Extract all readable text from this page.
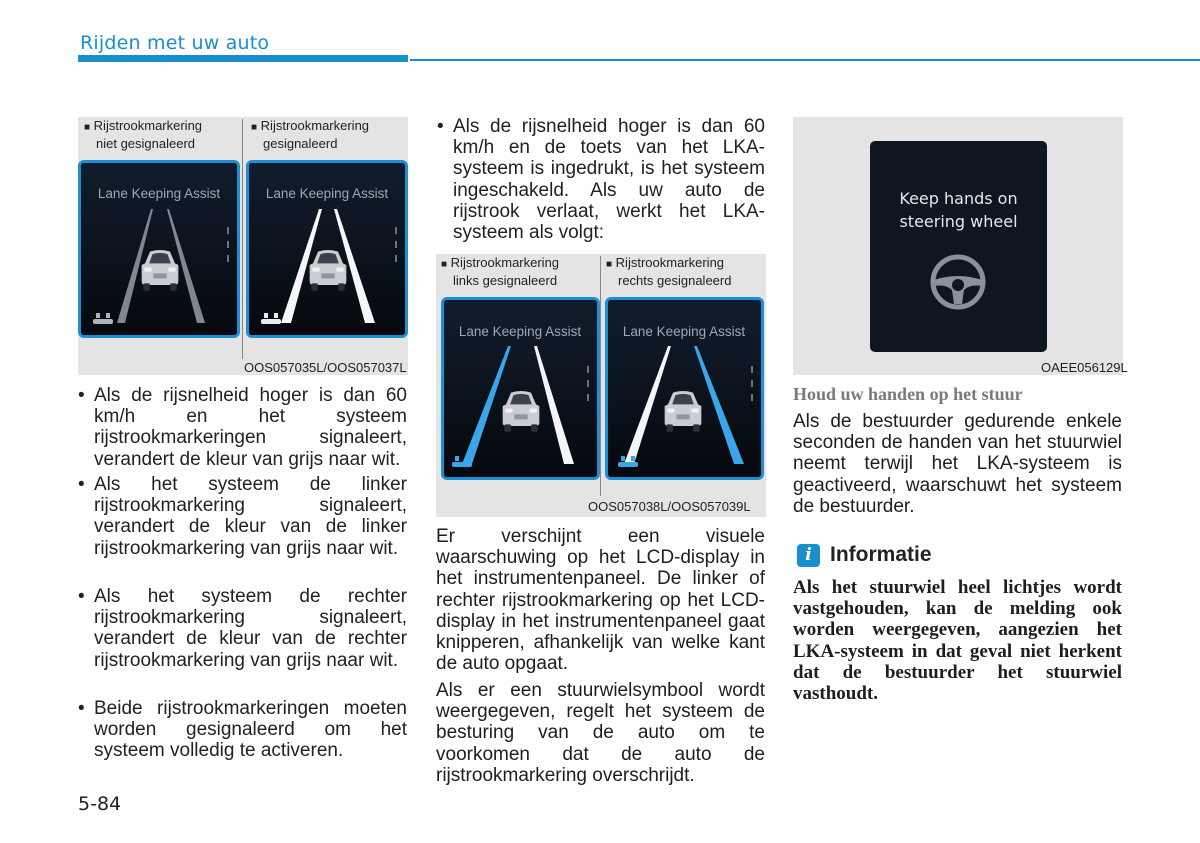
Rijden met uw auto
■ Rijstrookmarkering
niet gesignaleerd
■ Rijstrookmarkering
gesignaleerd
Lane Keeping Assist	Lane Keeping Assist
OOS057035L/OOS057037L
• Als de rijsnelheid hoger is dan 60 km/h en het systeem rijstrookmarkeringen signaleert, verandert de kleur van grijs naar wit.
• Als het systeem de linker rijstrookmarkering signaleert, verandert de kleur van de linker rijstrookmarkering van grijs naar wit.
• Als het systeem de rechter rijstrookmarkering signaleert, verandert de kleur van de rechter rijstrookmarkering van grijs naar wit.
• Beide rijstrookmarkeringen moeten worden gesignaleerd om het systeem volledig te activeren.
• Als de rijsnelheid hoger is dan 60 km/h en de toets van het LKA-systeem is ingedrukt, is het systeem ingeschakeld. Als uw auto de rijstrook verlaat, werkt het LKA-systeem als volgt:
■ Rijstrookmarkering
links gesignaleerd
■ Rijstrookmarkering
rechts gesignaleerd
Lane Keeping Assist	Lane Keeping Assist
OOS057038L/OOS057039L
Er verschijnt een visuele waarschuwing op het LCD-display in het instrumentenpaneel. De linker of rechter rijstrookmarkering op het LCD-display in het instrumentenpaneel gaat knipperen, afhankelijk van welke kant de auto opgaat.
Als er een stuurwielsymbool wordt weergegeven, regelt het systeem de besturing van de auto om te voorkomen dat de auto de rijstrookmarkering overschrijdt.
Keep hands on
steering wheel
OAEE056129L
Houd uw handen op het stuur
Als de bestuurder gedurende enkele seconden de handen van het stuurwiel neemt terwijl het LKA-systeem is geactiveerd, waarschuwt het systeem de bestuurder.
i Informatie
Als het stuurwiel heel lichtjes wordt vastgehouden, kan de melding ook worden weergegeven, aangezien het LKA-systeem in dat geval niet herkent dat de bestuurder het stuurwiel vasthoudt.
5-84
